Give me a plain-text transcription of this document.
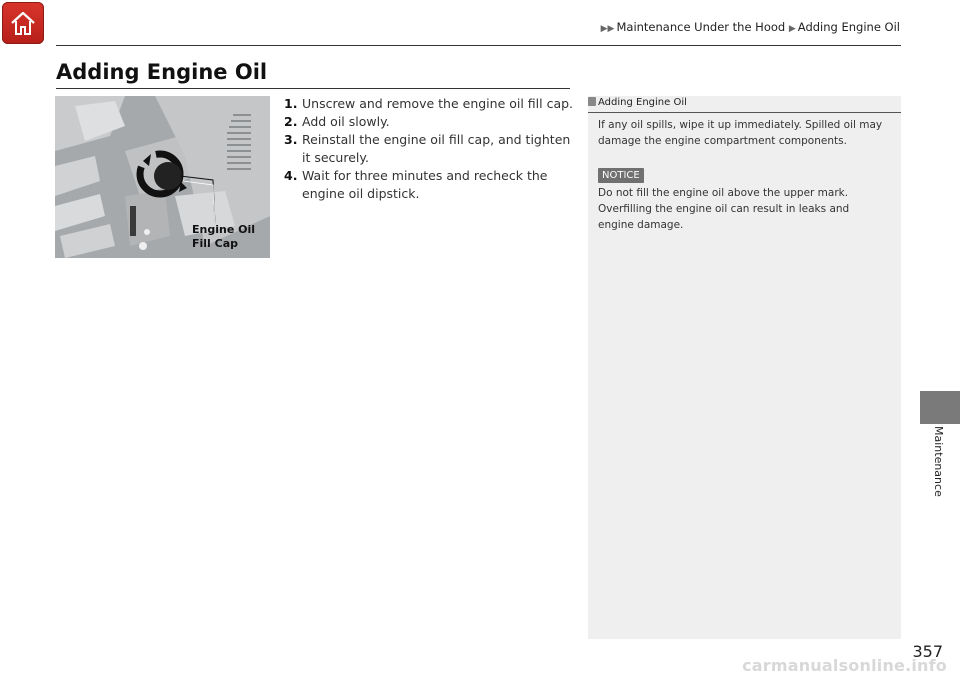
▶▶ Maintenance Under the Hood ▶ Adding Engine Oil
Adding Engine Oil
Engine Oil
Fill Cap
1. Unscrew and remove the engine oil fill cap.
2. Add oil slowly.
3. Reinstall the engine oil fill cap, and tighten it securely.
4. Wait for three minutes and recheck the engine oil dipstick.
Adding Engine Oil
If any oil spills, wipe it up immediately. Spilled oil may damage the engine compartment components.
NOTICE
Do not fill the engine oil above the upper mark. Overfilling the engine oil can result in leaks and engine damage.
Maintenance
357
carmanualsonline.info
